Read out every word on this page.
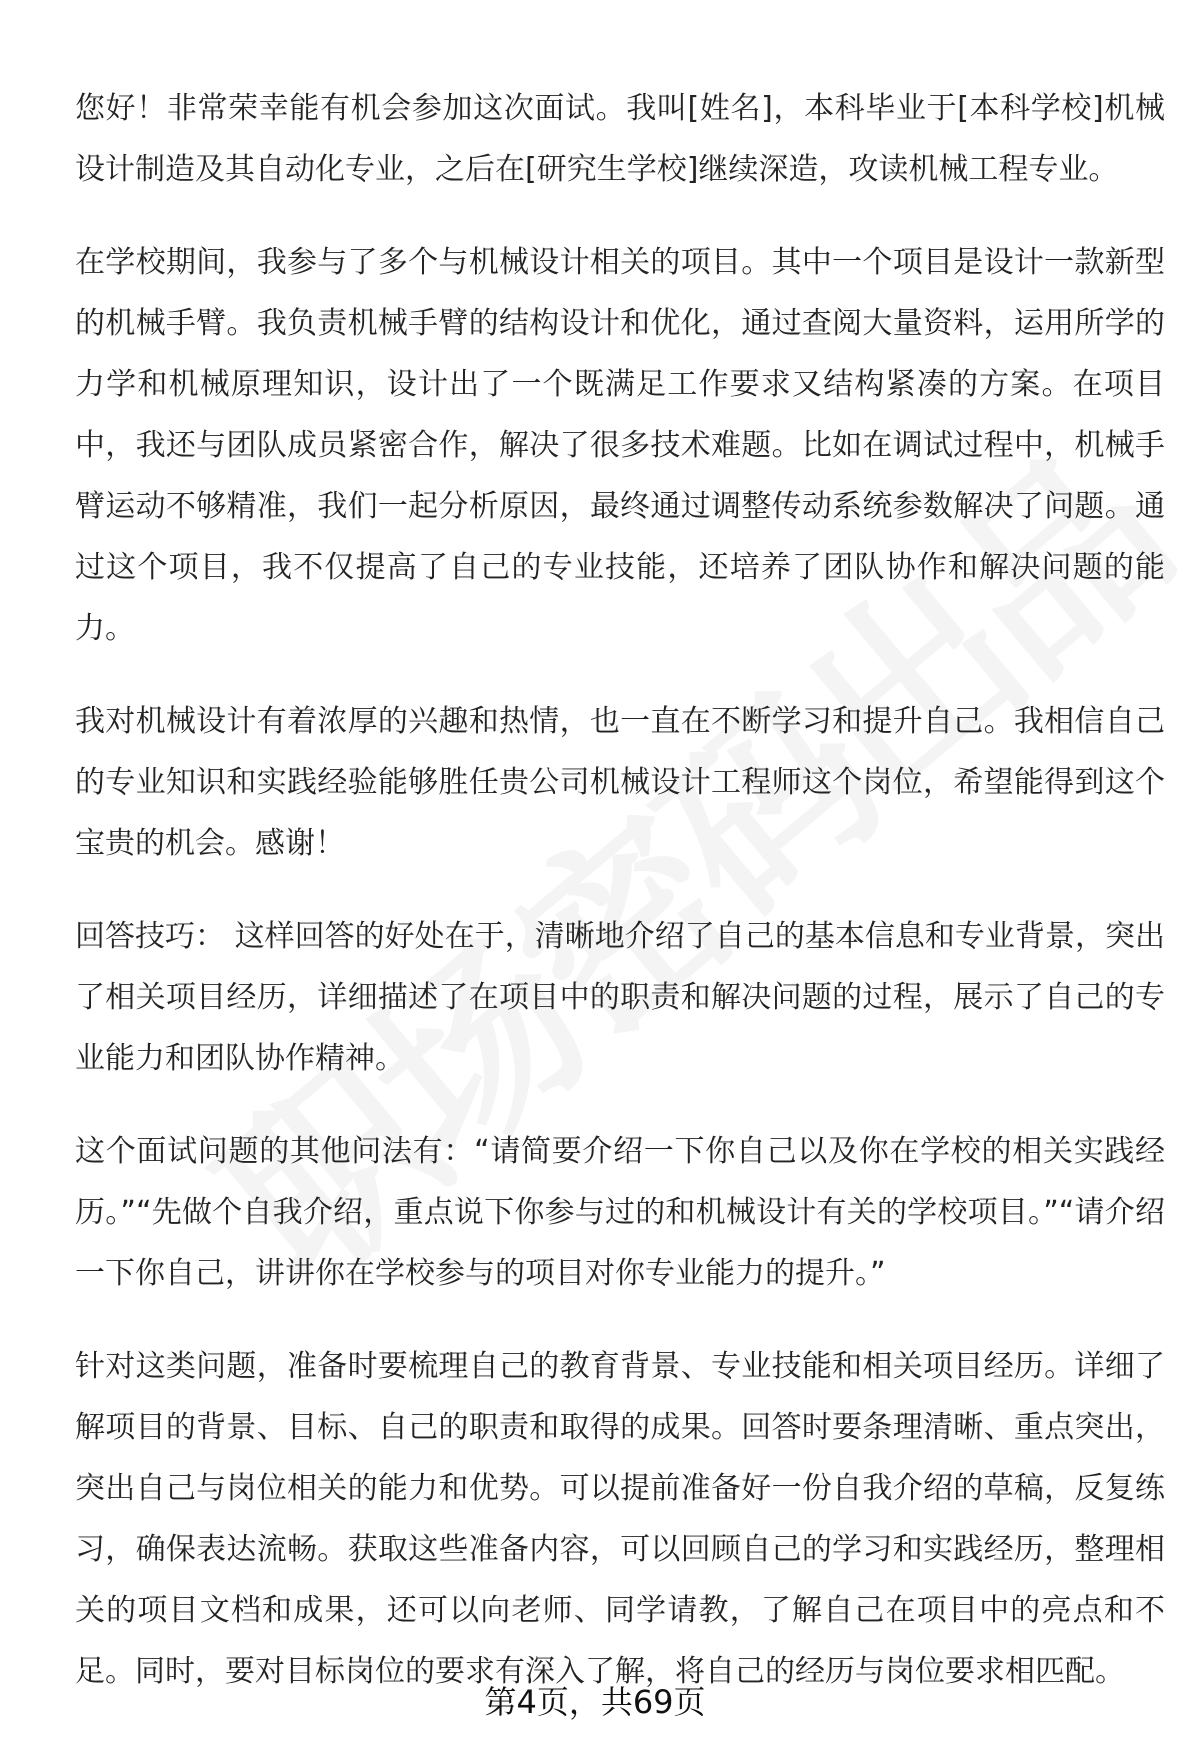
您好！非常荣幸能有机会参加这次面试。我叫[姓名]，本科毕业于[本科学校]机械设计制造及其自动化专业，之后在[研究生学校]继续深造，攻读机械工程专业。

在学校期间，我参与了多个与机械设计相关的项目。其中一个项目是设计一款新型的机械手臂。我负责机械手臂的结构设计和优化，通过查阅大量资料，运用所学的力学和机械原理知识，设计出了一个既满足工作要求又结构紧凑的方案。在项目中，我还与团队成员紧密合作，解决了很多技术难题。比如在调试过程中，机械手臂运动不够精准，我们一起分析原因，最终通过调整传动系统参数解决了问题。通过这个项目，我不仅提高了自己的专业技能，还培养了团队协作和解决问题的能力。

我对机械设计有着浓厚的兴趣和热情，也一直在不断学习和提升自己。我相信自己的专业知识和实践经验能够胜任贵公司机械设计工程师这个岗位，希望能得到这个宝贵的机会。感谢！

回答技巧： 这样回答的好处在于，清晰地介绍了自己的基本信息和专业背景，突出了相关项目经历，详细描述了在项目中的职责和解决问题的过程，展示了自己的专业能力和团队协作精神。

这个面试问题的其他问法有：“请简要介绍一下你自己以及你在学校的相关实践经历。”“先做个自我介绍，重点说下你参与过的和机械设计有关的学校项目。”“请介绍一下你自己，讲讲你在学校参与的项目对你专业能力的提升。”

针对这类问题，准备时要梳理自己的教育背景、专业技能和相关项目经历。详细了解项目的背景、目标、自己的职责和取得的成果。回答时要条理清晰、重点突出，突出自己与岗位相关的能力和优势。可以提前准备好一份自我介绍的草稿，反复练习，确保表达流畅。获取这些准备内容，可以回顾自己的学习和实践经历，整理相关的项目文档和成果，还可以向老师、同学请教，了解自己在项目中的亮点和不足。同时，要对目标岗位的要求有深入了解，将自己的经历与岗位要求相匹配。

第4页，共69页
